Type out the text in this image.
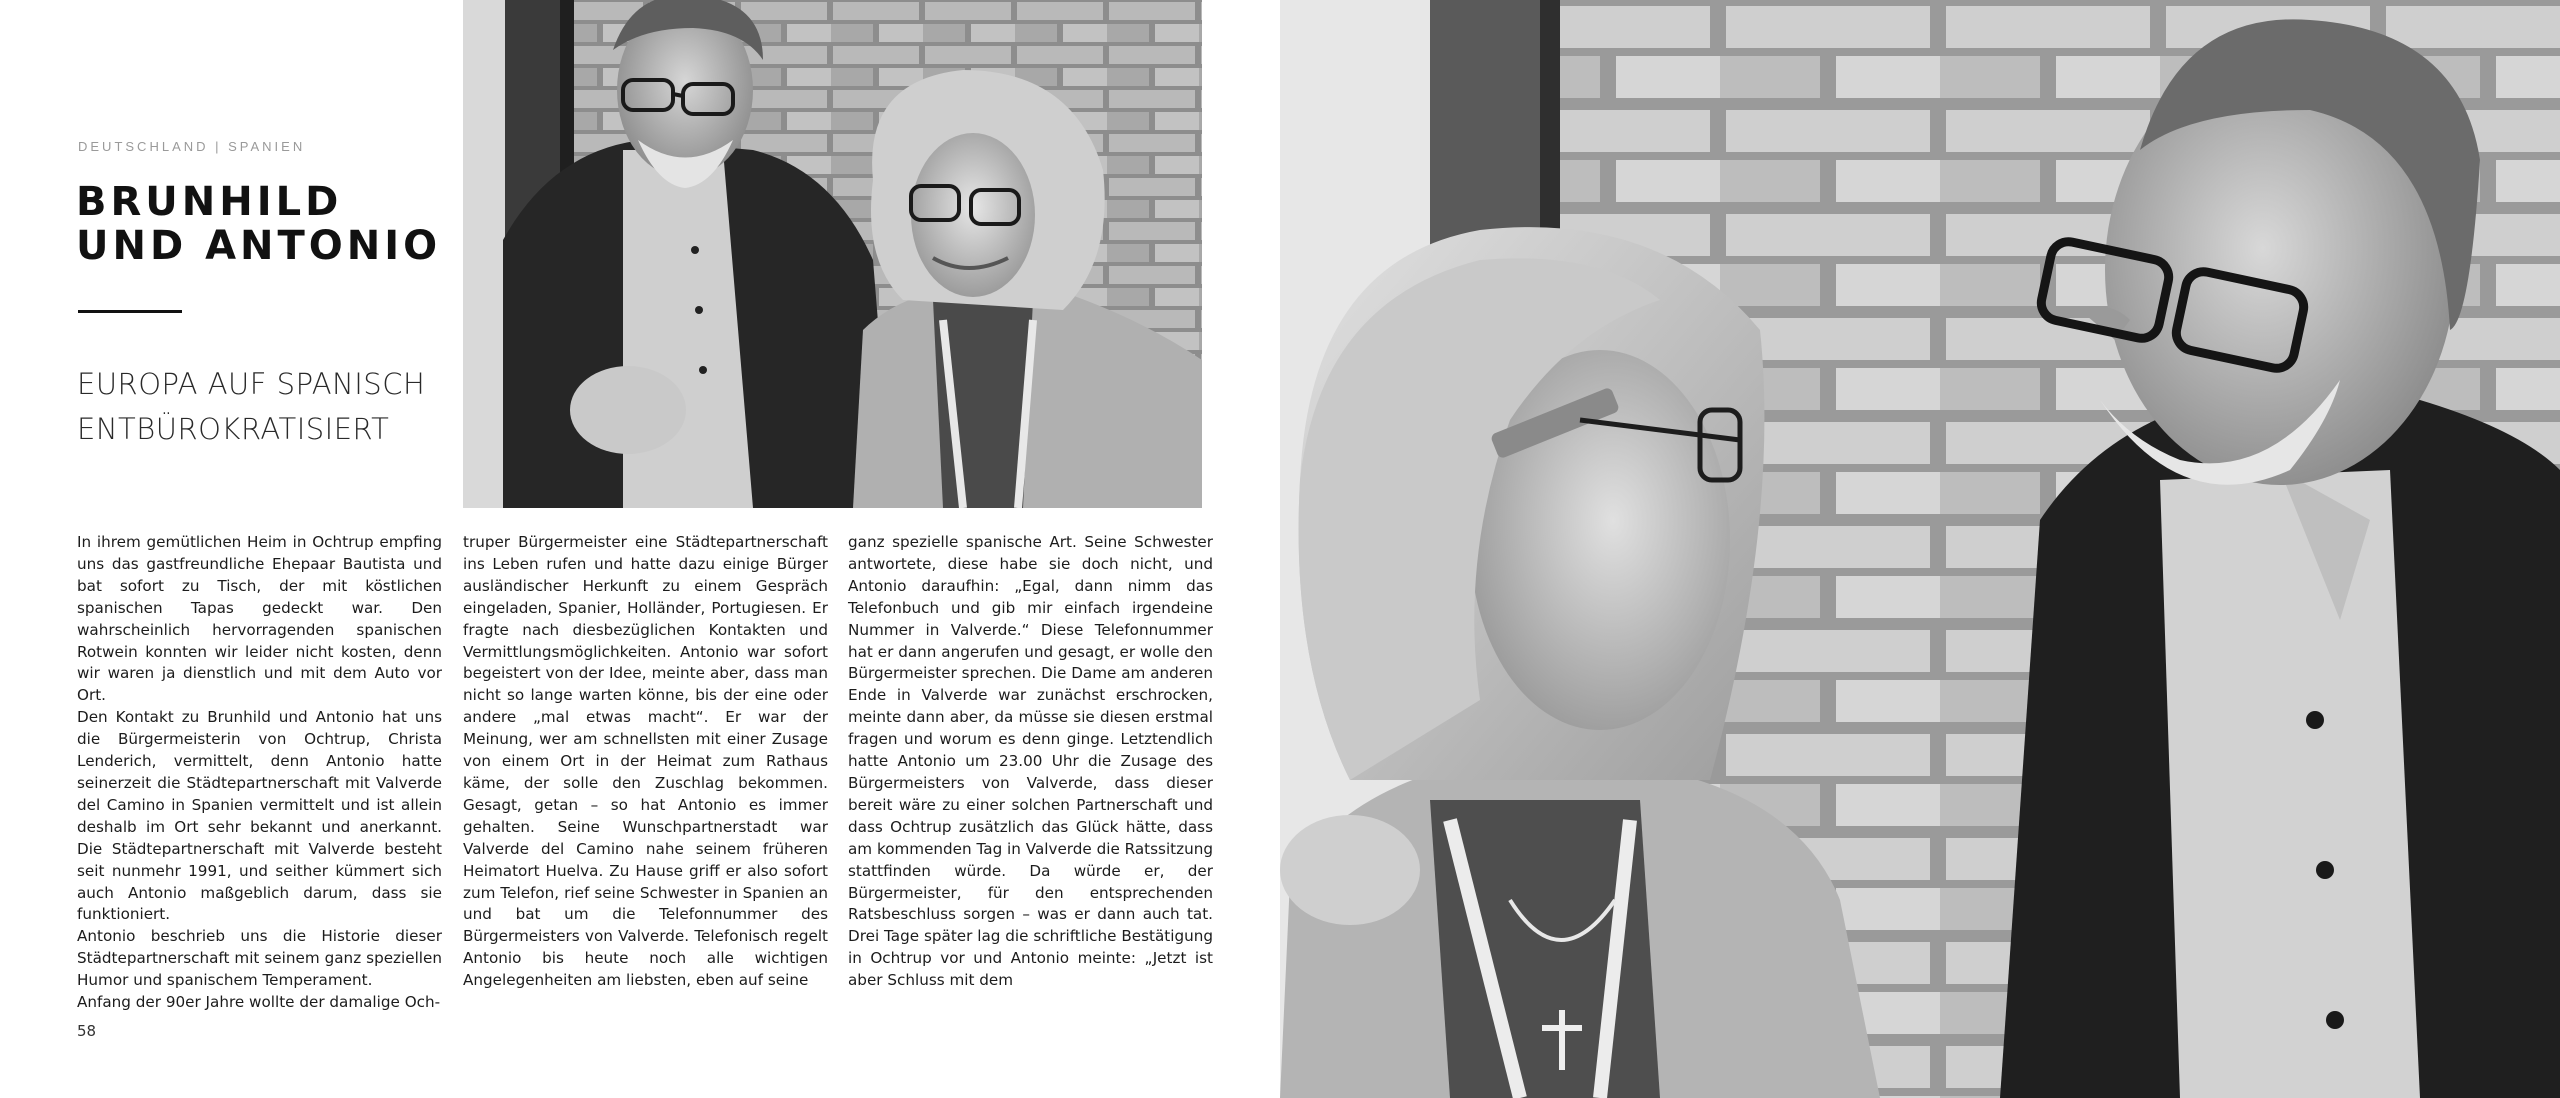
DEUTSCHLAND | SPANIEN
BRUNHILD
UND ANTONIO
EUROPA AUF SPANISCH
ENTBÜROKRATISIERT

In ihrem gemütlichen Heim in Ochtrup empfing uns das gastfreundliche Ehepaar Bautista und bat sofort zu Tisch, der mit köstlichen spanischen Tapas gedeckt war. Den wahrscheinlich hervorragenden spanischen Rotwein konnten wir leider nicht kosten, denn wir waren ja dienstlich und mit dem Auto vor Ort.

Den Kontakt zu Brunhild und Antonio hat uns die Bürgermeisterin von Ochtrup, Christa Lenderich, vermittelt, denn Antonio hatte seinerzeit die Städtepartnerschaft mit Valverde del Camino in Spanien vermittelt und ist allein deshalb im Ort sehr bekannt und anerkannt. Die Städtepartnerschaft mit Valverde besteht seit nunmehr 1991, und seither kümmert sich auch Antonio maßgeblich darum, dass sie funktioniert.

Antonio beschrieb uns die Historie dieser Städtepartnerschaft mit seinem ganz speziellen Humor und spanischem Temperament.

Anfang der 90er Jahre wollte der damalige Och-

truper Bürgermeister eine Städtepartnerschaft ins Leben rufen und hatte dazu einige Bürger ausländischer Herkunft zu einem Gespräch eingeladen, Spanier, Holländer, Portugiesen. Er fragte nach diesbezüglichen Kontakten und Vermittlungsmöglichkeiten. Antonio war sofort begeistert von der Idee, meinte aber, dass man nicht so lange warten könne, bis der eine oder andere „mal etwas macht“. Er war der Meinung, wer am schnellsten mit einer Zusage von einem Ort in der Heimat zum Rathaus käme, der solle den Zuschlag bekommen. Gesagt, getan – so hat Antonio es immer gehalten. Seine Wunschpartnerstadt war Valverde del Camino nahe seinem früheren Heimatort Huelva. Zu Hause griff er also sofort zum Telefon, rief seine Schwester in Spanien an und bat um die Telefonnummer des Bürgermeisters von Valverde. Telefonisch regelt Antonio bis heute noch alle wichtigen Angelegenheiten am liebsten, eben auf seine

ganz spezielle spanische Art. Seine Schwester antwortete, diese habe sie doch nicht, und Antonio daraufhin: „Egal, dann nimm das Telefonbuch und gib mir einfach irgendeine Nummer in Valverde.“ Diese Telefonnummer hat er dann angerufen und gesagt, er wolle den Bürgermeister sprechen. Die Dame am anderen Ende in Valverde war zunächst erschrocken, meinte dann aber, da müsse sie diesen erstmal fragen und worum es denn ginge. Letztendlich hatte Antonio um 23.00 Uhr die Zusage des Bürgermeisters von Valverde, dass dieser bereit wäre zu einer solchen Partnerschaft und dass Ochtrup zusätzlich das Glück hätte, dass am kommenden Tag in Valverde die Ratssitzung stattfinden würde. Da würde er, der Bürgermeister, für den entsprechenden Ratsbeschluss sorgen – was er dann auch tat. Drei Tage später lag die schriftliche Bestätigung in Ochtrup vor und Antonio meinte: „Jetzt ist aber Schluss mit dem

58
